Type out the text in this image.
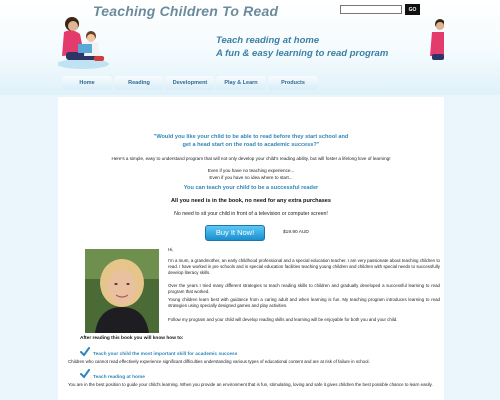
Teaching Children To Read
Teach reading at home
A fun & easy learning to read program
GO
Home	Reading	Development	Play & Learn	Products
"Would you like your child to be able to read before they start school and
get a head start on the road to academic success?"
Here's a simple, easy to understand program that will not only develop your child's reading ability, but will foster a lifelong love of learning!
Even if you have no teaching experience...
Even if you have no idea where to start...
You can teach your child to be a successful reader
All you need is in the book, no need for any extra purchases
No need to sit your child in front of a television or computer screen!
Buy It Now!	$19.90 AUD
Hi,
I'm a mum, a grandmother, an early childhood professional and a special education teacher. I am very passionate about teaching children to read. I have worked in pre schools and in special education facilities teaching young children and children with special needs to successfully develop literacy skills.
Over the years I tried many different strategies to teach reading skills to children and gradually developed a successful learning to read program that worked.
Young children learn best with guidance from a caring adult and when learning is fun. My teaching program introduces learning to read strategies using specially designed games and play activities.
Follow my program and your child will develop reading skills and learning will be enjoyable for both you and your child.
After reading this book you will know how to:
Teach your child the most important skill for academic success
Children who cannot read effectively experience significant difficulties understanding various types of educational content and are at risk of failure in school.
Teach reading at home
You are in the best position to guide your child's learning. When you provide an environment that is fun, stimulating, loving and safe it gives children the best possible chance to learn easily.
